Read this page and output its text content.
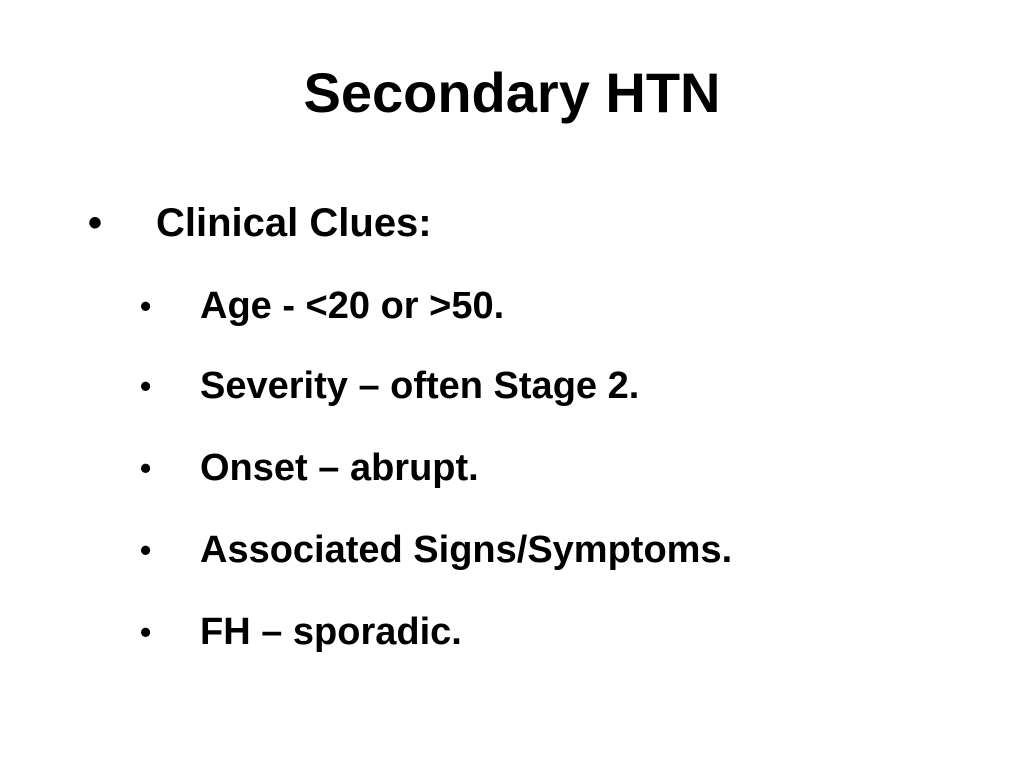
Secondary HTN
• Clinical Clues:
• Age - <20 or >50.
• Severity – often Stage 2.
• Onset – abrupt.
• Associated Signs/Symptoms.
• FH – sporadic.
